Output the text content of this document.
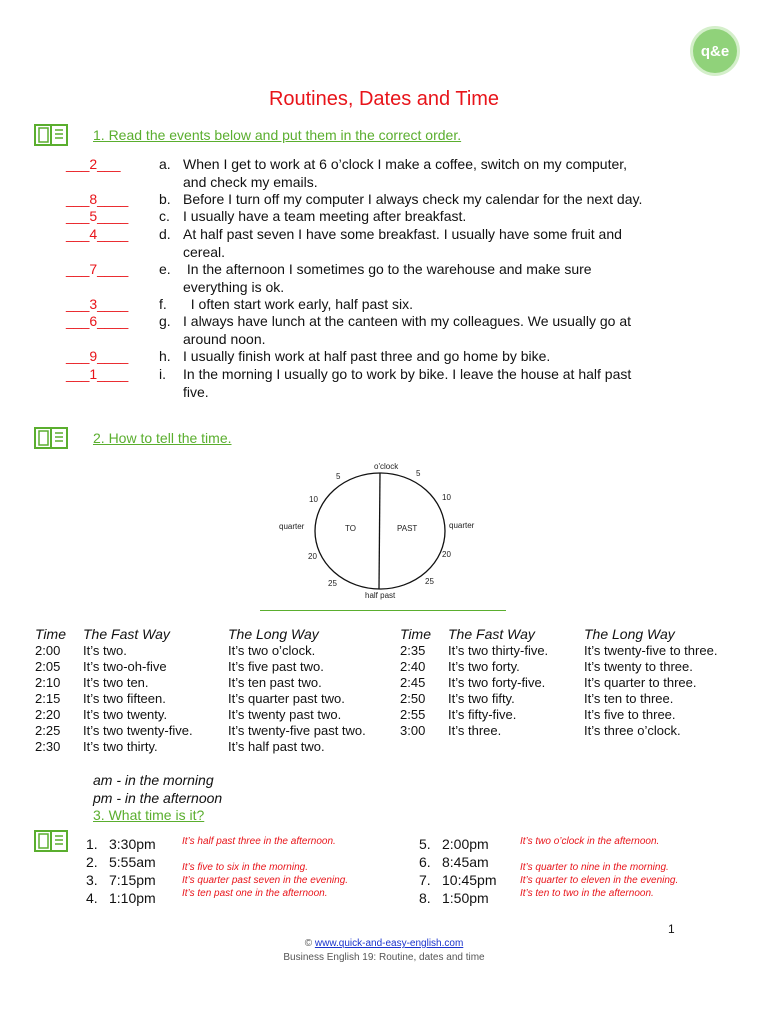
q&e
Routines, Dates and Time
1. Read the events below and put them in the correct order.
___2___	a. When I get to work at 6 o’clock I make a coffee, switch on my computer,
and check my emails.
___8____ b. Before I turn off my computer I always check my calendar for the next day.
___5____ c. I usually have a team meeting after breakfast.
___4____ d. At half past seven I have some breakfast. I usually have some fruit and
cereal.
___7____ e. In the afternoon I sometimes go to the warehouse and make sure
everything is ok.
___3____ f.	I often start work early, half past six.
___6____ g. I always have lunch at the canteen with my colleagues. We usually go at
around noon.
___9____ h. I usually finish work at half past three and go home by bike.
___1____ i.	In the morning I usually go to work by bike. I leave the house at half past
five.
2. How to tell the time.
o'clock
half past
TO	PAST
quarter	quarter
5	5
10	10
20	20
25	25
Time The Fast Way	The Long Way	Time The Fast Way	The Long Way
2:00 It’s two.	It’s two o’clock.
2:05 It’s two-oh-five	It’s five past two.
2:10 It’s two ten.	It’s ten past two.
2:15 It’s two fifteen.	It’s quarter past two.
2:20 It’s two twenty.	It’s twenty past two.
2:25 It’s two twenty-five.	It’s twenty-five past two.
2:30 It’s two thirty.	It’s half past two.
2:35 It’s two thirty-five.	It’s twenty-five to three.
2:40 It’s two forty.	It’s twenty to three.
2:45 It’s two forty-five.	It’s quarter to three.
2:50 It’s two fifty.	It’s ten to three.
2:55 It’s fifty-five.	It’s five to three.
3:00 It’s three.	It’s three o’clock.
am - in the morning
pm - in the afternoon
3. What time is it?
1. 3:30pm	It’s half past three in the afternoon.
2. 5:55am	It’s five to six in the morning.
3. 7:15pm	It’s quarter past seven in the evening.
4. 1:10pm	It’s ten past one in the afternoon.
5. 2:00pm	It’s two o’clock in the afternoon.
6. 8:45am	It’s quarter to nine in the morning.
7. 10:45pm It’s quarter to eleven in the evening.
8. 1:50pm	It’s ten to two in the afternoon.
1
© www.quick-and-easy-english.com
Business English 19: Routine, dates and time
